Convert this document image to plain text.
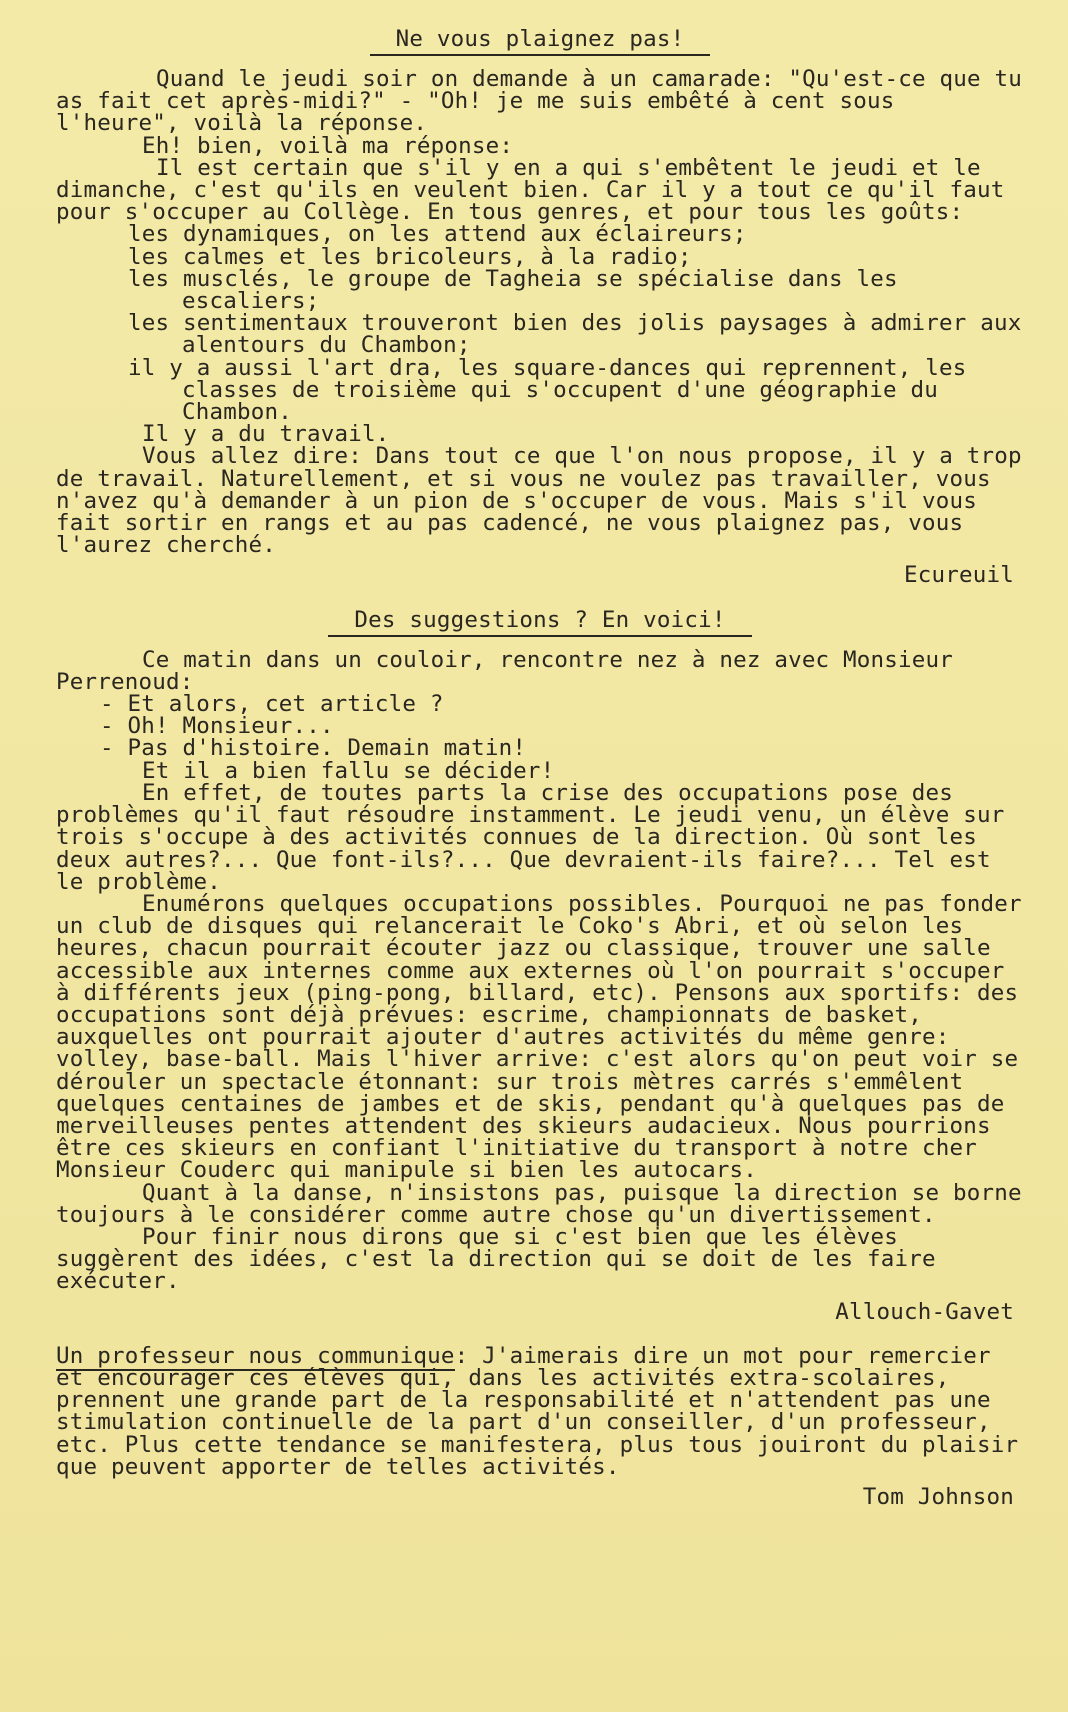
Ne vous plaignez pas!

Quand le jeudi soir on demande à un camarade: "Qu'est-ce que tu as fait cet après-midi?" - "Oh! je me suis embêté à cent sous l'heure", voilà la réponse.

Eh! bien, voilà ma réponse:

Il est certain que s'il y en a qui s'embêtent le jeudi et le dimanche, c'est qu'ils en veulent bien. Car il y a tout ce qu'il faut pour s'occuper au Collège. En tous genres, et pour tous les goûts:

les dynamiques, on les attend aux éclaireurs;

les calmes et les bricoleurs, à la radio;

les musclés, le groupe de Tagheia se spécialise dans les escaliers;

les sentimentaux trouveront bien des jolis paysages à admirer aux alentours du Chambon;

il y a aussi l'art dra, les square-dances qui reprennent, les classes de troisième qui s'occupent d'une géographie du Chambon.

Il y a du travail.

Vous allez dire: Dans tout ce que l'on nous propose, il y a trop de travail. Naturellement, et si vous ne voulez pas travailler, vous n'avez qu'à demander à un pion de s'occuper de vous. Mais s'il vous fait sortir en rangs et au pas cadencé, ne vous plaignez pas, vous l'aurez cherché.

Ecureuil

Des suggestions ? En voici!

Ce matin dans un couloir, rencontre nez à nez avec Monsieur Perrenoud:

- Et alors, cet article ?

- Oh! Monsieur...

- Pas d'histoire. Demain matin!

Et il a bien fallu se décider!

En effet, de toutes parts la crise des occupations pose des problèmes qu'il faut résoudre instamment. Le jeudi venu, un élève sur trois s'occupe à des activités connues de la direction. Où sont les deux autres?... Que font-ils?... Que devraient-ils faire?... Tel est le problème.

Enumérons quelques occupations possibles. Pourquoi ne pas fonder un club de disques qui relancerait le Coko's Abri, et où selon les heures, chacun pourrait écouter jazz ou classique, trouver une salle accessible aux internes comme aux externes où l'on pourrait s'occuper à différents jeux (ping-pong, billard, etc). Pensons aux sportifs: des occupations sont déjà prévues: escrime, championnats de basket, auxquelles ont pourrait ajouter d'autres activités du même genre: volley, base-ball. Mais l'hiver arrive: c'est alors qu'on peut voir se dérouler un spectacle étonnant: sur trois mètres carrés s'emmêlent quelques centaines de jambes et de skis, pendant qu'à quelques pas de merveilleuses pentes attendent des skieurs audacieux. Nous pourrions être ces skieurs en confiant l'initiative du transport à notre cher Monsieur Couderc qui manipule si bien les autocars.

Quant à la danse, n'insistons pas, puisque la direction se borne toujours à le considérer comme autre chose qu'un divertissement.

Pour finir nous dirons que si c'est bien que les élèves suggèrent des idées, c'est la direction qui se doit de les faire exécuter.

Allouch-Gavet

Un professeur nous communique: J'aimerais dire un mot pour remercier et encourager ces élèves qui, dans les activités extra-scolaires, prennent une grande part de la responsabilité et n'attendent pas une stimulation continuelle de la part d'un conseiller, d'un professeur, etc. Plus cette tendance se manifestera, plus tous jouiront du plaisir que peuvent apporter de telles activités.

Tom Johnson
